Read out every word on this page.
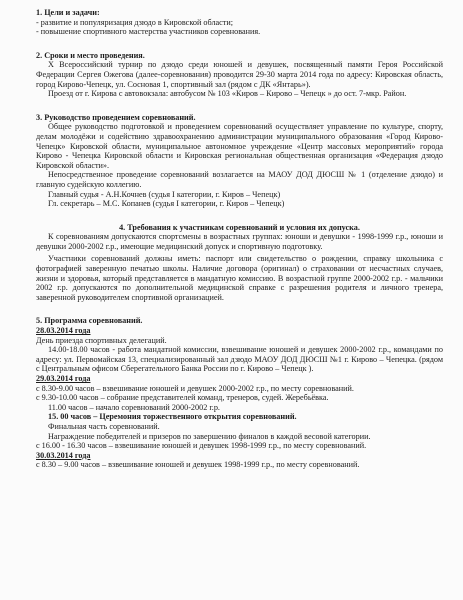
1. Цели и задачи:

- развитие и популяризация дзюдо в Кировской области;

- повышение спортивного мастерства участников соревнования.

2. Сроки и место проведения.

X Всероссийский турнир по дзюдо среди юношей и девушек, посвященный памяти Героя Российской Федерации Сергея Ожегова (далее-соревнования) проводится 29-30 марта 2014 года по адресу: Кировская область, город Кирово-Чепецк, ул. Сосновая 1, спортивный зал (рядом с ДК «Янтарь»).

Проезд от г. Кирова с автовокзала: автобусом № 103 «Киров – Кирово – Чепецк » до ост. 7-мкр. Район.

3. Руководство проведением соревнований.

Общее руководство подготовкой и проведением соревнований осуществляет управление по культуре, спорту, делам молодёжи и содействию здравоохранению администрации муниципального образования «Город Кирово-Чепецк» Кировской области, муниципальное автономное учреждение «Центр массовых мероприятий» города Кирово - Чепецка Кировской области и Кировская региональная общественная организация «Федерация дзюдо Кировской области».

Непосредственное проведение соревнований возлагается на МАОУ ДОД ДЮСШ № 1 (отделение дзюдо) и главную судейскую коллегию.

Главный судья - А.Н.Кочнев (судья I категории, г. Киров – Чепецк)

Гл. секретарь – М.С. Копанев (судья I категории, г. Киров – Чепецк)

4. Требования к участникам соревнований и условия их допуска.

К соревнованиям допускаются спортсмены в возрастных группах: юноши и девушки - 1998-1999 г.р., юноши и девушки 2000-2002 г.р., имеющие медицинский допуск и спортивную подготовку.

Участники соревнований должны иметь: паспорт или свидетельство о рождении, справку школьника с фотографией заверенную печатью школы. Наличие договора (оригинал) о страховании от несчастных случаев, жизни и здоровья, который представляется в мандатную комиссию. В возрастной группе 2000-2002 г.р. - мальчики 2002 г.р. допускаются по дополнительной медицинской справке с разрешения родителя и личного тренера, заверенной руководителем спортивной организацией.

5. Программа соревнований.

28.03.2014 года

День приезда спортивных делегаций.

14.00-18.00 часов - работа мандатной комиссии, взвешивание юношей и девушек 2000-2002 г.р., командами по адресу: ул. Первомайская 13, специализированный зал дзюдо МАОУ ДОД ДЮСШ №1 г. Кирово – Чепецка. (рядом с Центральным офисом Сберегательного Банка России по г. Кирово – Чепецк ).

29.03.2014 года

с 8.30-9.00 часов – взвешивание юношей и девушек 2000-2002 г.р., по месту соревнований.

с 9.30-10.00 часов – собрание представителей команд, тренеров, судей. Жеребьёвка.

11.00 часов – начало соревнований 2000-2002 г.р.

15. 00 часов – Церемония торжественного открытия соревнований.

Финальная часть соревнований.

Награждение победителей и призеров по завершению финалов в каждой весовой категории.

с 16.00 - 16.30 часов – взвешивание юношей и девушек 1998-1999 г.р., по месту соревнований.

30.03.2014 года

с 8.30 – 9.00 часов – взвешивание юношей и девушек 1998-1999 г.р., по месту соревнований.
